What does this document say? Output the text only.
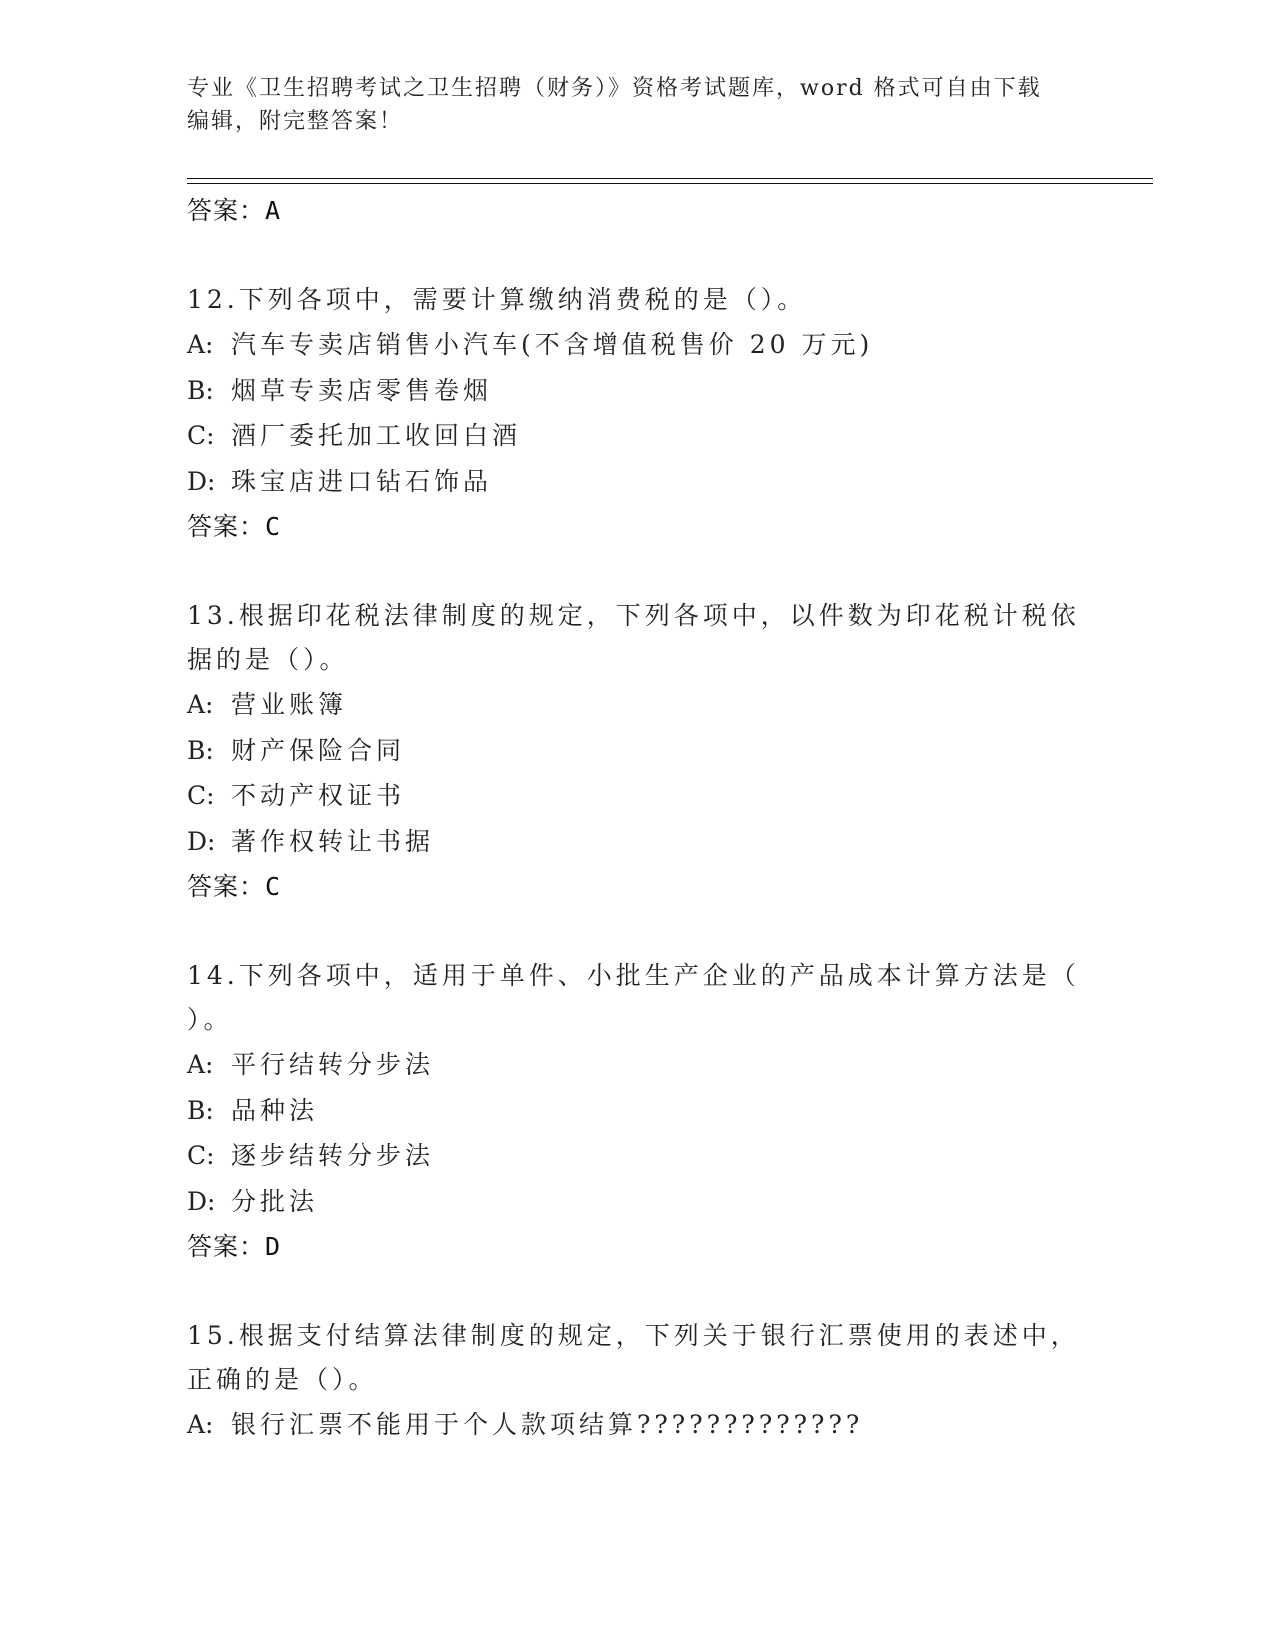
专业《卫生招聘考试之卫生招聘（财务）》资格考试题库，word 格式可自由下载
编辑，附完整答案！
答案：A
12.下列各项中，需要计算缴纳消费税的是（）。
A: 汽车专卖店销售小汽车(不含增值税售价 20 万元)
B: 烟草专卖店零售卷烟
C: 酒厂委托加工收回白酒
D: 珠宝店进口钻石饰品
答案：C
13.根据印花税法律制度的规定，下列各项中，以件数为印花税计税依
据的是（）。
A: 营业账簿
B: 财产保险合同
C: 不动产权证书
D: 著作权转让书据
答案：C
14.下列各项中，适用于单件、小批生产企业的产品成本计算方法是（
）。
A: 平行结转分步法
B: 品种法
C: 逐步结转分步法
D: 分批法
答案：D
15.根据支付结算法律制度的规定，下列关于银行汇票使用的表述中，
正确的是（）。
A: 银行汇票不能用于个人款项结算?????????????
